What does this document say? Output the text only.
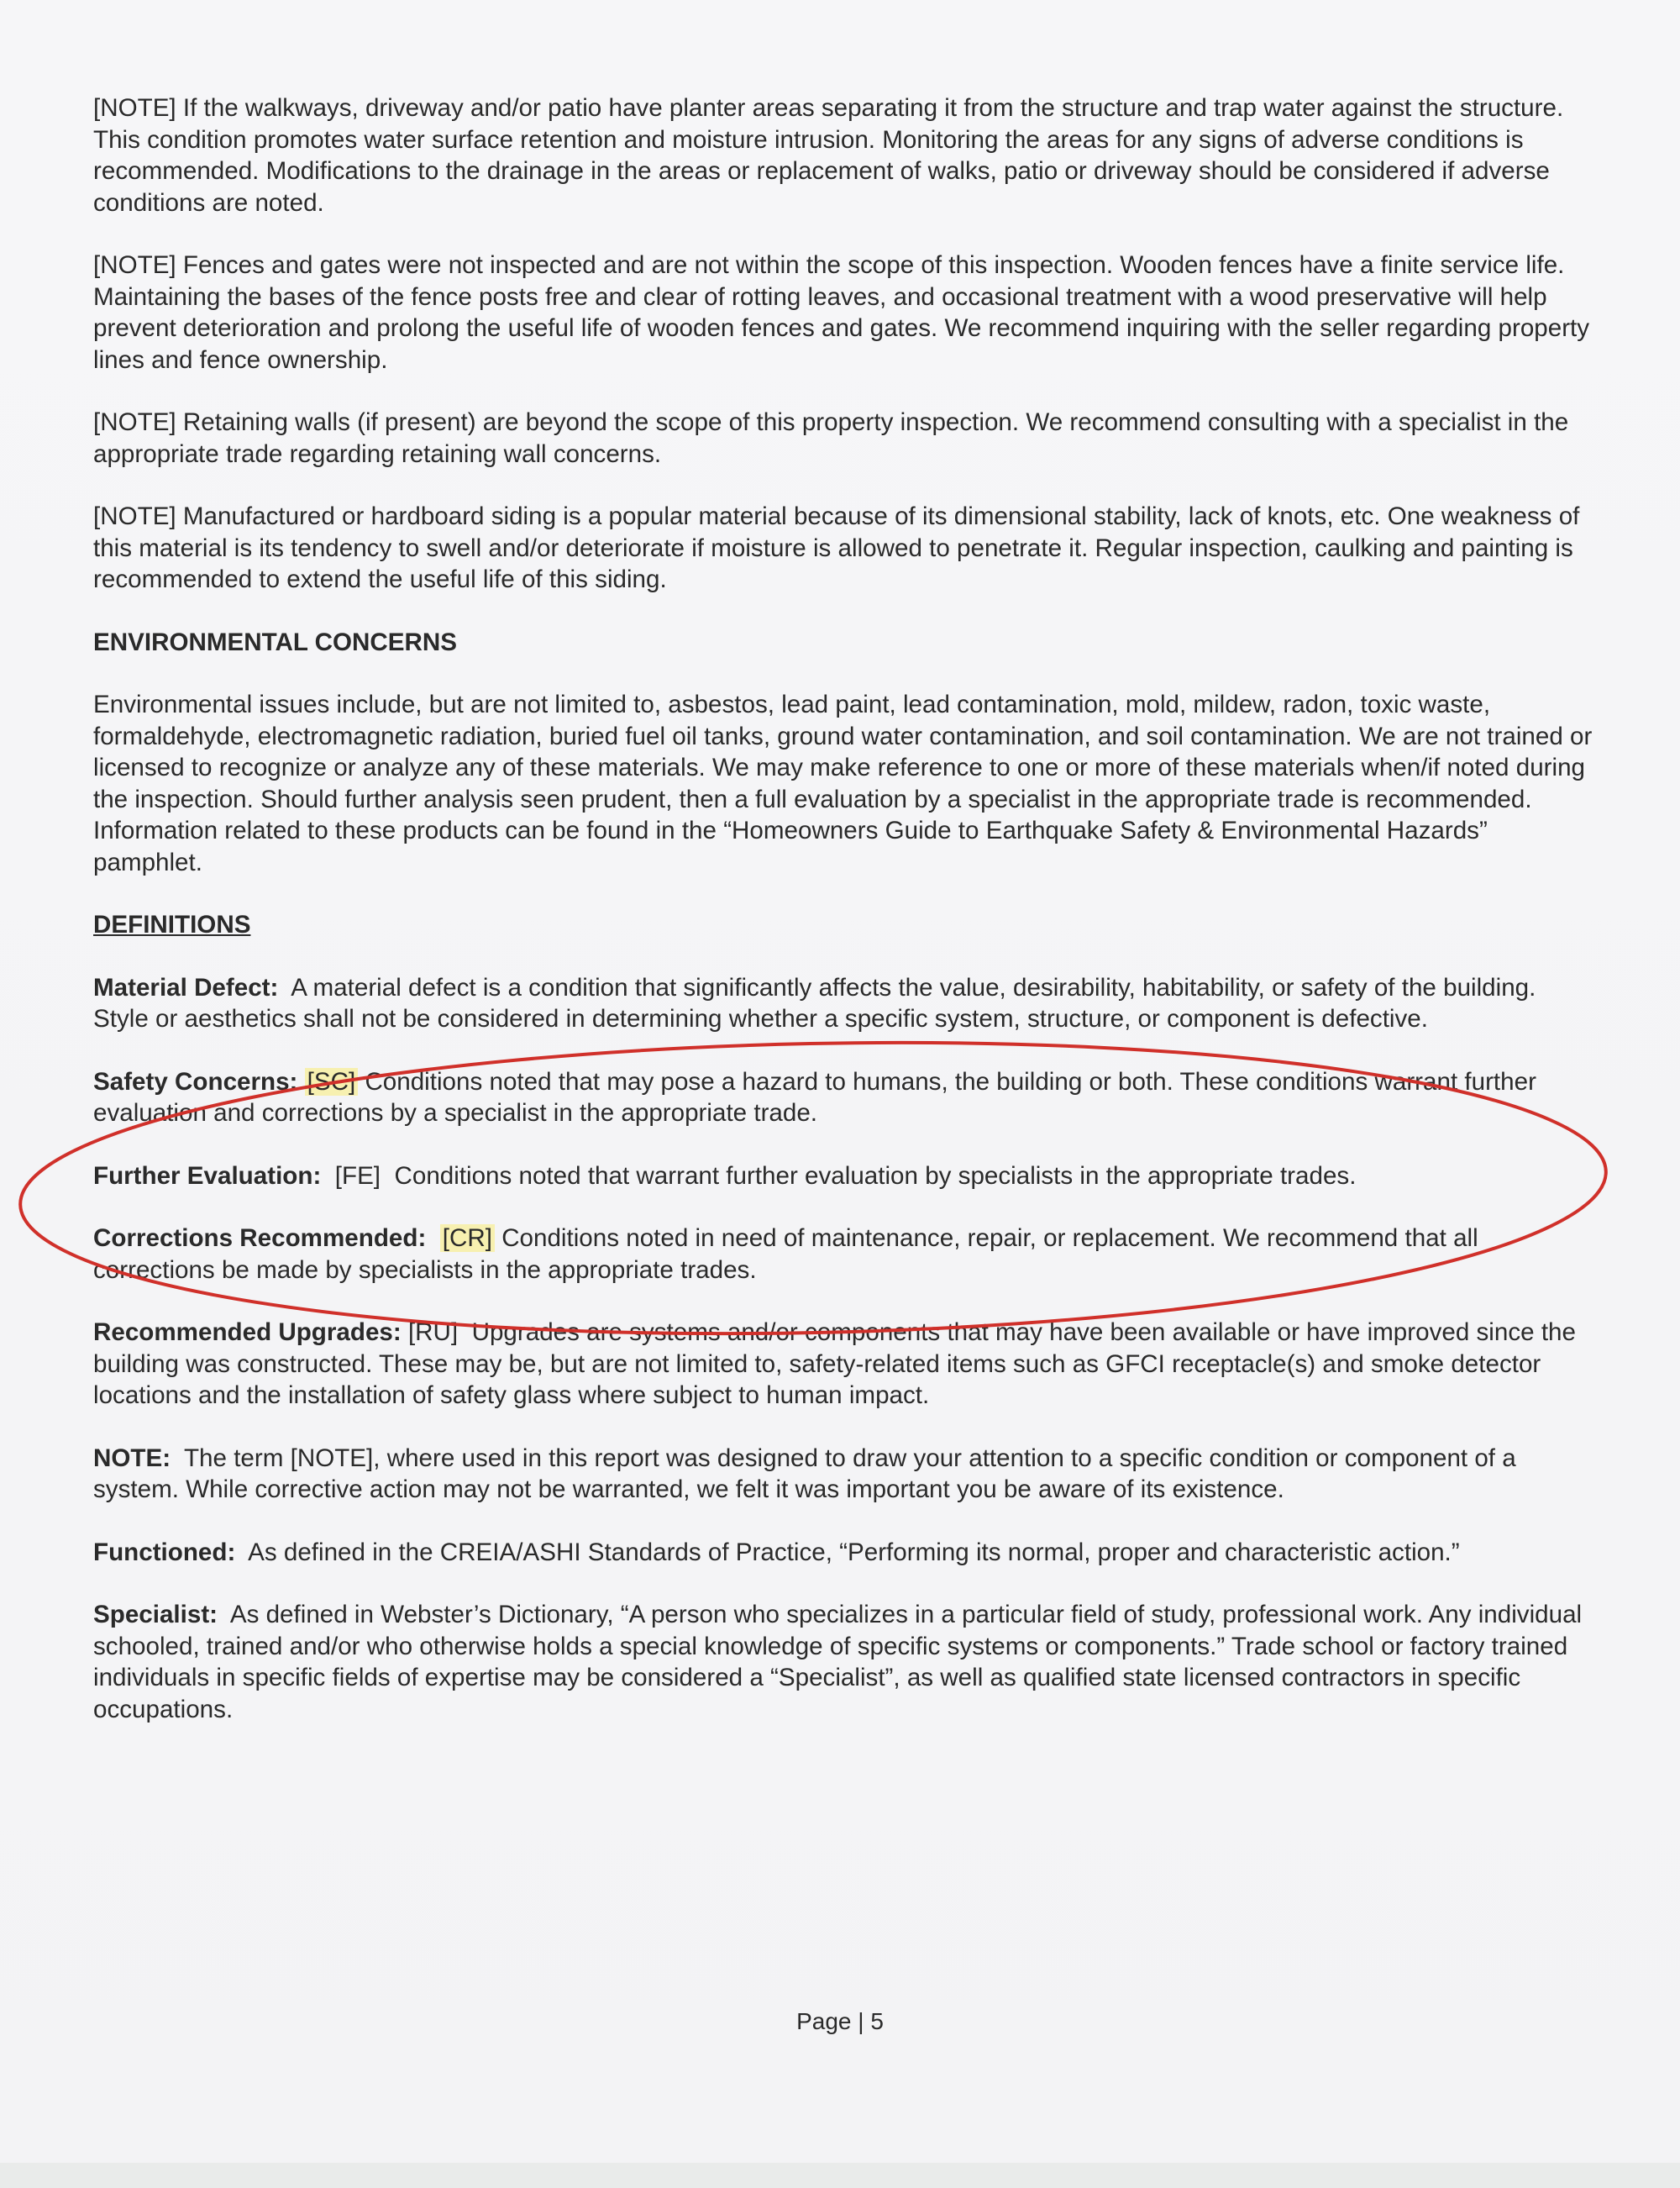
[NOTE] If the walkways, driveway and/or patio have planter areas separating it from the structure and trap water against the structure. This condition promotes water surface retention and moisture intrusion. Monitoring the areas for any signs of adverse conditions is recommended. Modifications to the drainage in the areas or replacement of walks, patio or driveway should be considered if adverse conditions are noted.

[NOTE] Fences and gates were not inspected and are not within the scope of this inspection. Wooden fences have a finite service life. Maintaining the bases of the fence posts free and clear of rotting leaves, and occasional treatment with a wood preservative will help prevent deterioration and prolong the useful life of wooden fences and gates. We recommend inquiring with the seller regarding property lines and fence ownership.

[NOTE] Retaining walls (if present) are beyond the scope of this property inspection. We recommend consulting with a specialist in the appropriate trade regarding retaining wall concerns.

[NOTE] Manufactured or hardboard siding is a popular material because of its dimensional stability, lack of knots, etc. One weakness of this material is its tendency to swell and/or deteriorate if moisture is allowed to penetrate it. Regular inspection, caulking and painting is recommended to extend the useful life of this siding.

ENVIRONMENTAL CONCERNS

Environmental issues include, but are not limited to, asbestos, lead paint, lead contamination, mold, mildew, radon, toxic waste, formaldehyde, electromagnetic radiation, buried fuel oil tanks, ground water contamination, and soil contamination. We are not trained or licensed to recognize or analyze any of these materials. We may make reference to one or more of these materials when/if noted during the inspection. Should further analysis seen prudent, then a full evaluation by a specialist in the appropriate trade is recommended. Information related to these products can be found in the “Homeowners Guide to Earthquake Safety & Environmental Hazards” pamphlet.

DEFINITIONS

Material Defect: A material defect is a condition that significantly affects the value, desirability, habitability, or safety of the building. Style or aesthetics shall not be considered in determining whether a specific system, structure, or component is defective.

Safety Concerns: [SC] Conditions noted that may pose a hazard to humans, the building or both. These conditions warrant further evaluation and corrections by a specialist in the appropriate trade.

Further Evaluation: [FE] Conditions noted that warrant further evaluation by specialists in the appropriate trades.

Corrections Recommended: [CR] Conditions noted in need of maintenance, repair, or replacement. We recommend that all corrections be made by specialists in the appropriate trades.

Recommended Upgrades: [RU] Upgrades are systems and/or components that may have been available or have improved since the building was constructed. These may be, but are not limited to, safety-related items such as GFCI receptacle(s) and smoke detector locations and the installation of safety glass where subject to human impact.

NOTE: The term [NOTE], where used in this report was designed to draw your attention to a specific condition or component of a system. While corrective action may not be warranted, we felt it was important you be aware of its existence.

Functioned: As defined in the CREIA/ASHI Standards of Practice, “Performing its normal, proper and characteristic action.”

Specialist: As defined in Webster’s Dictionary, “A person who specializes in a particular field of study, professional work. Any individual schooled, trained and/or who otherwise holds a special knowledge of specific systems or components.” Trade school or factory trained individuals in specific fields of expertise may be considered a “Specialist”, as well as qualified state licensed contractors in specific occupations.

Page | 5
